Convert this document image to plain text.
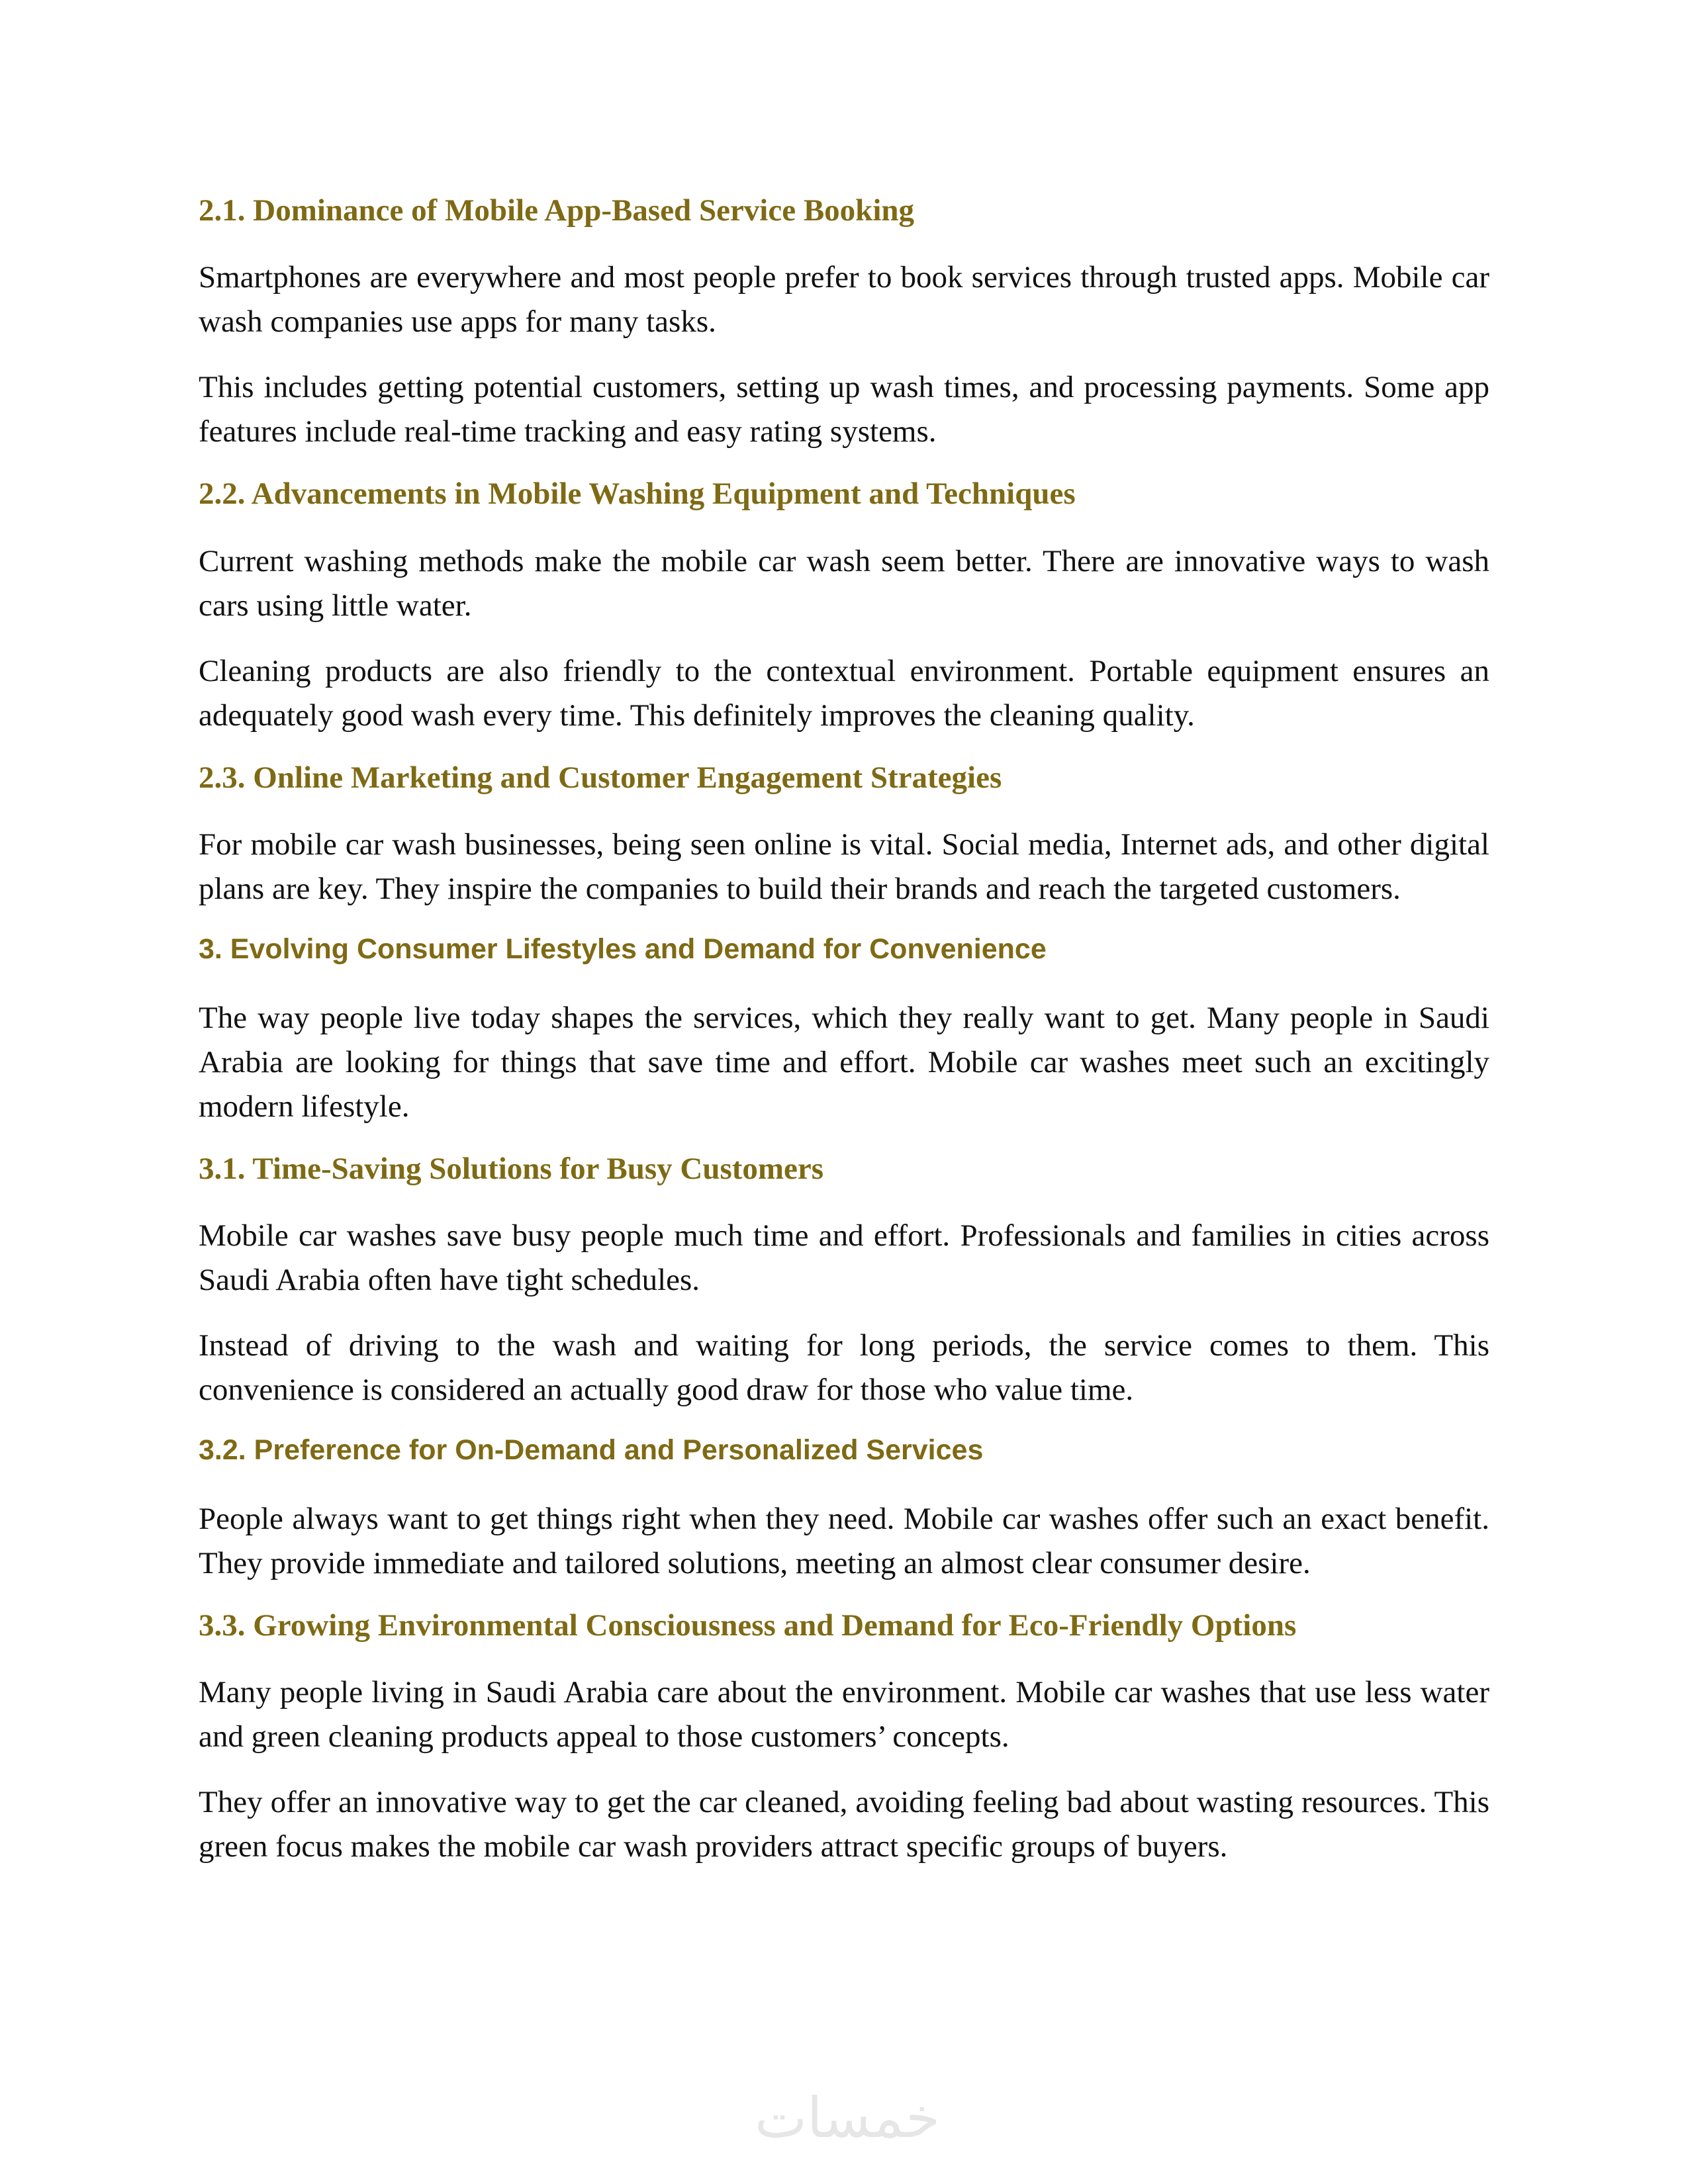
2.1. Dominance of Mobile App-Based Service Booking

Smartphones are everywhere and most people prefer to book services through trusted apps. Mobile car wash companies use apps for many tasks.

This includes getting potential customers, setting up wash times, and processing payments. Some app features include real-time tracking and easy rating systems.

2.2. Advancements in Mobile Washing Equipment and Techniques

Current washing methods make the mobile car wash seem better. There are innovative ways to wash cars using little water.

Cleaning products are also friendly to the contextual environment. Portable equipment ensures an adequately good wash every time. This definitely improves the cleaning quality.

2.3. Online Marketing and Customer Engagement Strategies

For mobile car wash businesses, being seen online is vital. Social media, Internet ads, and other digital plans are key. They inspire the companies to build their brands and reach the targeted customers.

3. Evolving Consumer Lifestyles and Demand for Convenience

The way people live today shapes the services, which they really want to get. Many people in Saudi Arabia are looking for things that save time and effort. Mobile car washes meet such an excitingly modern lifestyle.

3.1. Time-Saving Solutions for Busy Customers

Mobile car washes save busy people much time and effort. Professionals and families in cities across Saudi Arabia often have tight schedules.

Instead of driving to the wash and waiting for long periods, the service comes to them. This convenience is considered an actually good draw for those who value time.

3.2. Preference for On-Demand and Personalized Services

People always want to get things right when they need. Mobile car washes offer such an exact benefit. They provide immediate and tailored solutions, meeting an almost clear consumer desire.

3.3. Growing Environmental Consciousness and Demand for Eco-Friendly Options

Many people living in Saudi Arabia care about the environment. Mobile car washes that use less water and green cleaning products appeal to those customers’ concepts.

They offer an innovative way to get the car cleaned, avoiding feeling bad about wasting resources. This green focus makes the mobile car wash providers attract specific groups of buyers.

خمسات
